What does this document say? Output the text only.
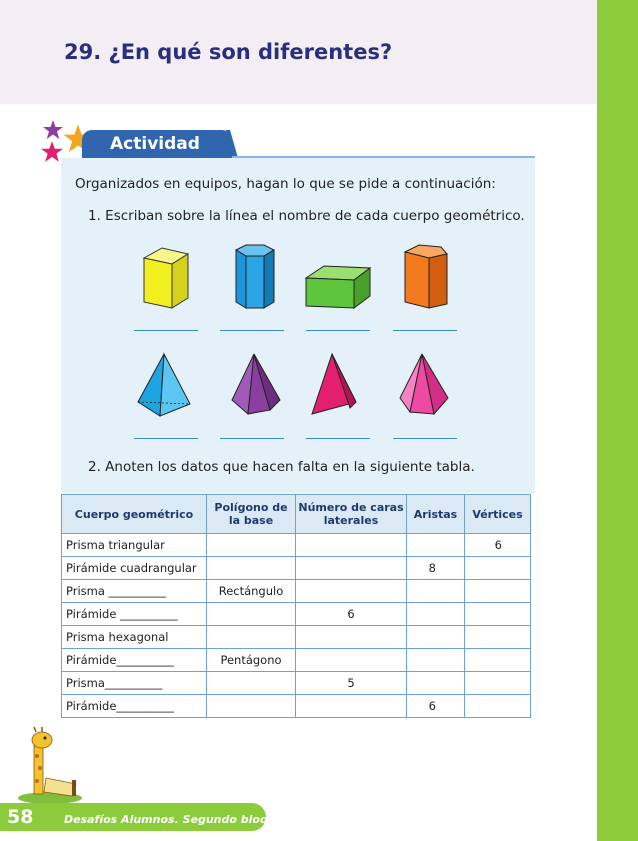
29. ¿En qué son diferentes?
Actividad
Organizados en equipos, hagan lo que se pide a continuación:
1. Escriban sobre la línea el nombre de cada cuerpo geométrico.
2. Anoten los datos que hacen falta en la siguiente tabla.
Cuerpo geométrico	Polígono de la base	Número de caras laterales	Aristas	Vértices
Prisma triangular				6
Pirámide cuadrangular			8	
Prisma __________	Rectángulo			
Pirámide __________		6		
Prisma hexagonal				
Pirámide__________	Pentágono			
Prisma__________		5		
Pirámide__________			6	
58	Desafíos Alumnos. Segundo bloque
